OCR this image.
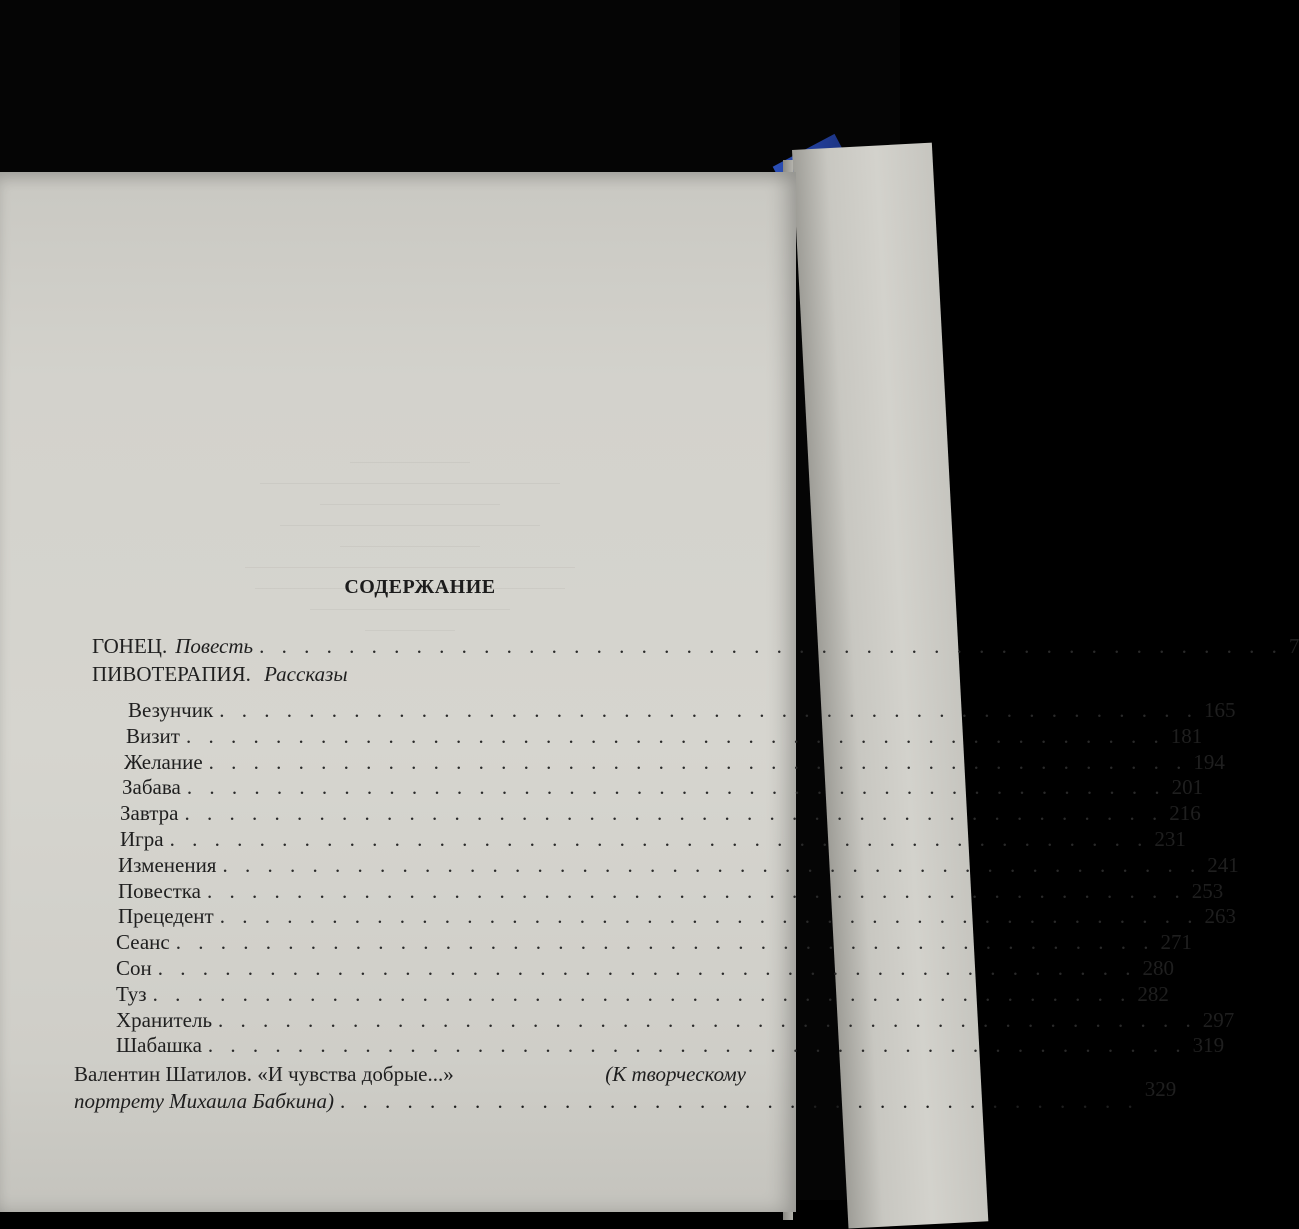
СОДЕРЖАНИЕ
ГОНЕЦ. Повесть . . . . . . . . . . . . . . . . . . . . . . . . . . . . . . . . . . . . . . . . . . . . . . 7
ПИВОТЕРАПИЯ. Рассказы
Везунчик . . . . . . . . . . . . . . . . . . . . . . . . . . . . . . . . . . . . . . . . . . . . 165
Визит . . . . . . . . . . . . . . . . . . . . . . . . . . . . . . . . . . . . . . . . . . . . 181
Желание . . . . . . . . . . . . . . . . . . . . . . . . . . . . . . . . . . . . . . . . . . . . 194
Забава . . . . . . . . . . . . . . . . . . . . . . . . . . . . . . . . . . . . . . . . . . . . 201
Завтра . . . . . . . . . . . . . . . . . . . . . . . . . . . . . . . . . . . . . . . . . . . . 216
Игра . . . . . . . . . . . . . . . . . . . . . . . . . . . . . . . . . . . . . . . . . . . . 231
Изменения . . . . . . . . . . . . . . . . . . . . . . . . . . . . . . . . . . . . . . . . . . . . 241
Повестка . . . . . . . . . . . . . . . . . . . . . . . . . . . . . . . . . . . . . . . . . . . . 253
Прецедент . . . . . . . . . . . . . . . . . . . . . . . . . . . . . . . . . . . . . . . . . . . . 263
Сеанс . . . . . . . . . . . . . . . . . . . . . . . . . . . . . . . . . . . . . . . . . . . . 271
Сон . . . . . . . . . . . . . . . . . . . . . . . . . . . . . . . . . . . . . . . . . . . . 280
Туз . . . . . . . . . . . . . . . . . . . . . . . . . . . . . . . . . . . . . . . . . . . . 282
Хранитель . . . . . . . . . . . . . . . . . . . . . . . . . . . . . . . . . . . . . . . . . . . . 297
Шабашка . . . . . . . . . . . . . . . . . . . . . . . . . . . . . . . . . . . . . . . . . . . . 319
Валентин Шатилов. «И чувства добрые...»	(К творческому
портрету Михаила Бабкина) . . . . . . . . . . . . . . . . . . . . . . . . . . . . . . . . . . . . 329
